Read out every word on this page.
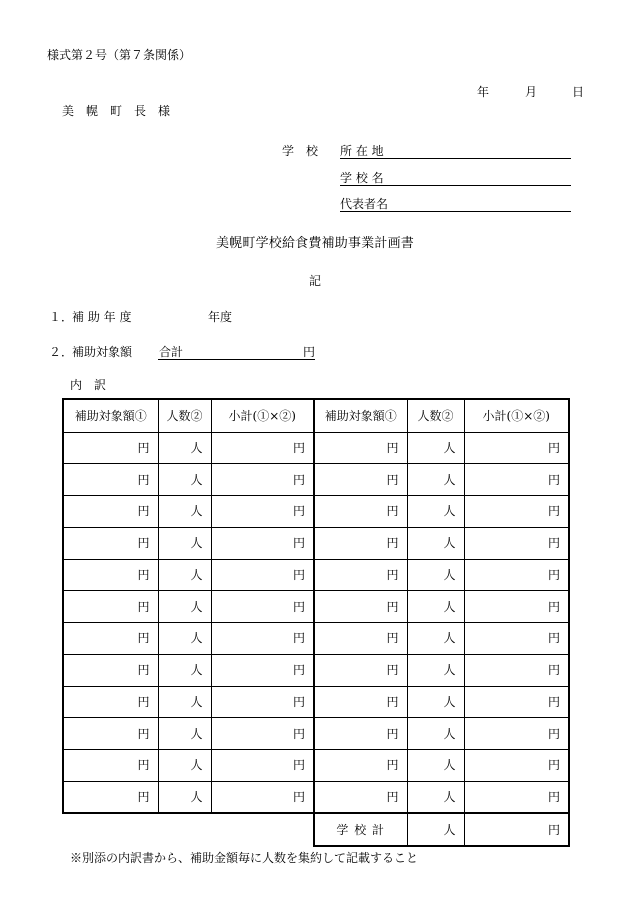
様式第２号（第７条関係）
年	月	日
美　幌　町　長　様
学　校 所 在 地
学 校 名
代表者名
美幌町学校給食費補助事業計画書
記
１．
補 助 年 度	年度
２．
補助対象額 合計	円
内　訳
補助対象額①	人数②	小計(①×②)	補助対象額①	人数②	小計(①×②)
円	人	円	円	人	円
円	人	円	円	人	円
円	人	円	円	人	円
円	人	円	円	人	円
円	人	円	円	人	円
円	人	円	円	人	円
円	人	円	円	人	円
円	人	円	円	人	円
円	人	円	円	人	円
円	人	円	円	人	円
円	人	円	円	人	円
円	人	円	円	人	円
			学 校 計	人	円
※別添の内訳書から、補助金額毎に人数を集約して記載すること
